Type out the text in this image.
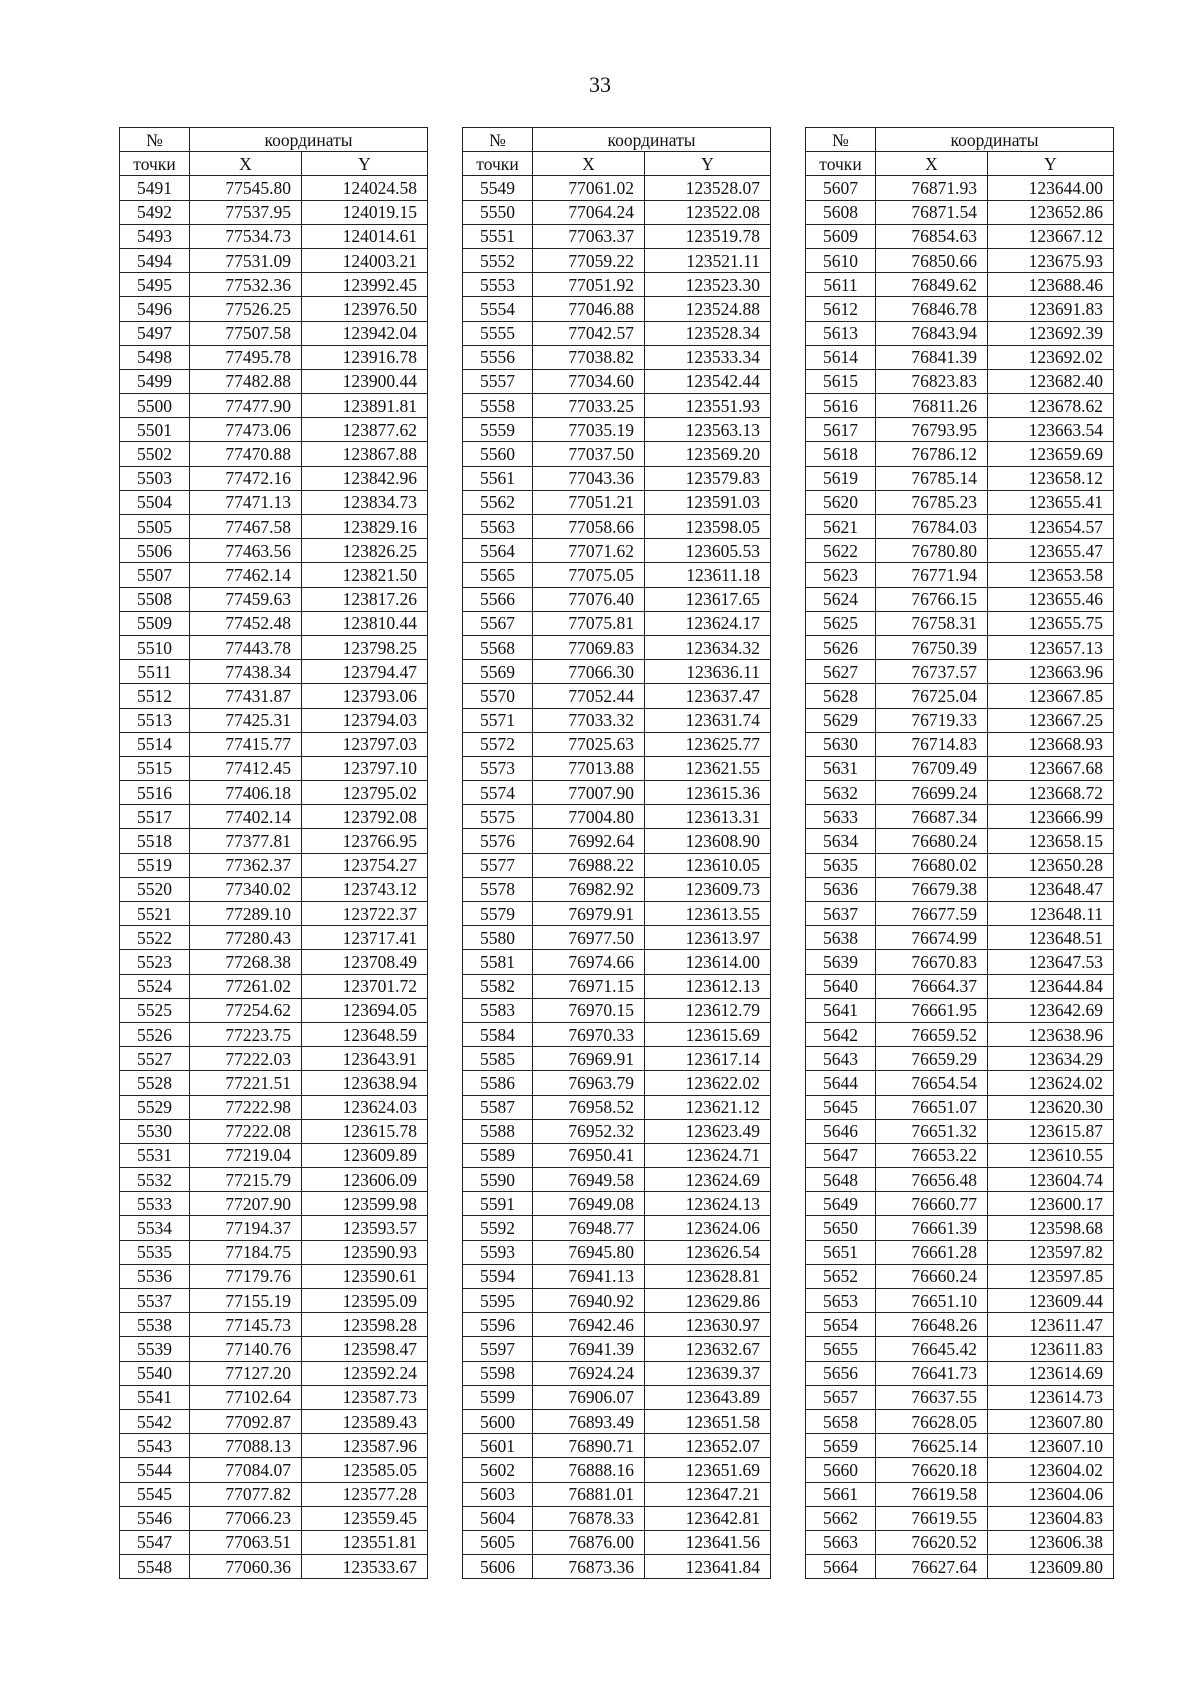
33
№	координаты	
точки	X	Y
5491	77545.80	124024.58
5492	77537.95	124019.15
5493	77534.73	124014.61
5494	77531.09	124003.21
5495	77532.36	123992.45
5496	77526.25	123976.50
5497	77507.58	123942.04
5498	77495.78	123916.78
5499	77482.88	123900.44
5500	77477.90	123891.81
5501	77473.06	123877.62
5502	77470.88	123867.88
5503	77472.16	123842.96
5504	77471.13	123834.73
5505	77467.58	123829.16
5506	77463.56	123826.25
5507	77462.14	123821.50
5508	77459.63	123817.26
5509	77452.48	123810.44
5510	77443.78	123798.25
5511	77438.34	123794.47
5512	77431.87	123793.06
5513	77425.31	123794.03
5514	77415.77	123797.03
5515	77412.45	123797.10
5516	77406.18	123795.02
5517	77402.14	123792.08
5518	77377.81	123766.95
5519	77362.37	123754.27
5520	77340.02	123743.12
5521	77289.10	123722.37
5522	77280.43	123717.41
5523	77268.38	123708.49
5524	77261.02	123701.72
5525	77254.62	123694.05
5526	77223.75	123648.59
5527	77222.03	123643.91
5528	77221.51	123638.94
5529	77222.98	123624.03
5530	77222.08	123615.78
5531	77219.04	123609.89
5532	77215.79	123606.09
5533	77207.90	123599.98
5534	77194.37	123593.57
5535	77184.75	123590.93
5536	77179.76	123590.61
5537	77155.19	123595.09
5538	77145.73	123598.28
5539	77140.76	123598.47
5540	77127.20	123592.24
5541	77102.64	123587.73
5542	77092.87	123589.43
5543	77088.13	123587.96
5544	77084.07	123585.05
5545	77077.82	123577.28
5546	77066.23	123559.45
5547	77063.51	123551.81
5548	77060.36	123533.67
№	координаты	
точки	X	Y
5549	77061.02	123528.07
5550	77064.24	123522.08
5551	77063.37	123519.78
5552	77059.22	123521.11
5553	77051.92	123523.30
5554	77046.88	123524.88
5555	77042.57	123528.34
5556	77038.82	123533.34
5557	77034.60	123542.44
5558	77033.25	123551.93
5559	77035.19	123563.13
5560	77037.50	123569.20
5561	77043.36	123579.83
5562	77051.21	123591.03
5563	77058.66	123598.05
5564	77071.62	123605.53
5565	77075.05	123611.18
5566	77076.40	123617.65
5567	77075.81	123624.17
5568	77069.83	123634.32
5569	77066.30	123636.11
5570	77052.44	123637.47
5571	77033.32	123631.74
5572	77025.63	123625.77
5573	77013.88	123621.55
5574	77007.90	123615.36
5575	77004.80	123613.31
5576	76992.64	123608.90
5577	76988.22	123610.05
5578	76982.92	123609.73
5579	76979.91	123613.55
5580	76977.50	123613.97
5581	76974.66	123614.00
5582	76971.15	123612.13
5583	76970.15	123612.79
5584	76970.33	123615.69
5585	76969.91	123617.14
5586	76963.79	123622.02
5587	76958.52	123621.12
5588	76952.32	123623.49
5589	76950.41	123624.71
5590	76949.58	123624.69
5591	76949.08	123624.13
5592	76948.77	123624.06
5593	76945.80	123626.54
5594	76941.13	123628.81
5595	76940.92	123629.86
5596	76942.46	123630.97
5597	76941.39	123632.67
5598	76924.24	123639.37
5599	76906.07	123643.89
5600	76893.49	123651.58
5601	76890.71	123652.07
5602	76888.16	123651.69
5603	76881.01	123647.21
5604	76878.33	123642.81
5605	76876.00	123641.56
5606	76873.36	123641.84
№	координаты	
точки	X	Y
5607	76871.93	123644.00
5608	76871.54	123652.86
5609	76854.63	123667.12
5610	76850.66	123675.93
5611	76849.62	123688.46
5612	76846.78	123691.83
5613	76843.94	123692.39
5614	76841.39	123692.02
5615	76823.83	123682.40
5616	76811.26	123678.62
5617	76793.95	123663.54
5618	76786.12	123659.69
5619	76785.14	123658.12
5620	76785.23	123655.41
5621	76784.03	123654.57
5622	76780.80	123655.47
5623	76771.94	123653.58
5624	76766.15	123655.46
5625	76758.31	123655.75
5626	76750.39	123657.13
5627	76737.57	123663.96
5628	76725.04	123667.85
5629	76719.33	123667.25
5630	76714.83	123668.93
5631	76709.49	123667.68
5632	76699.24	123668.72
5633	76687.34	123666.99
5634	76680.24	123658.15
5635	76680.02	123650.28
5636	76679.38	123648.47
5637	76677.59	123648.11
5638	76674.99	123648.51
5639	76670.83	123647.53
5640	76664.37	123644.84
5641	76661.95	123642.69
5642	76659.52	123638.96
5643	76659.29	123634.29
5644	76654.54	123624.02
5645	76651.07	123620.30
5646	76651.32	123615.87
5647	76653.22	123610.55
5648	76656.48	123604.74
5649	76660.77	123600.17
5650	76661.39	123598.68
5651	76661.28	123597.82
5652	76660.24	123597.85
5653	76651.10	123609.44
5654	76648.26	123611.47
5655	76645.42	123611.83
5656	76641.73	123614.69
5657	76637.55	123614.73
5658	76628.05	123607.80
5659	76625.14	123607.10
5660	76620.18	123604.02
5661	76619.58	123604.06
5662	76619.55	123604.83
5663	76620.52	123606.38
5664	76627.64	123609.80
